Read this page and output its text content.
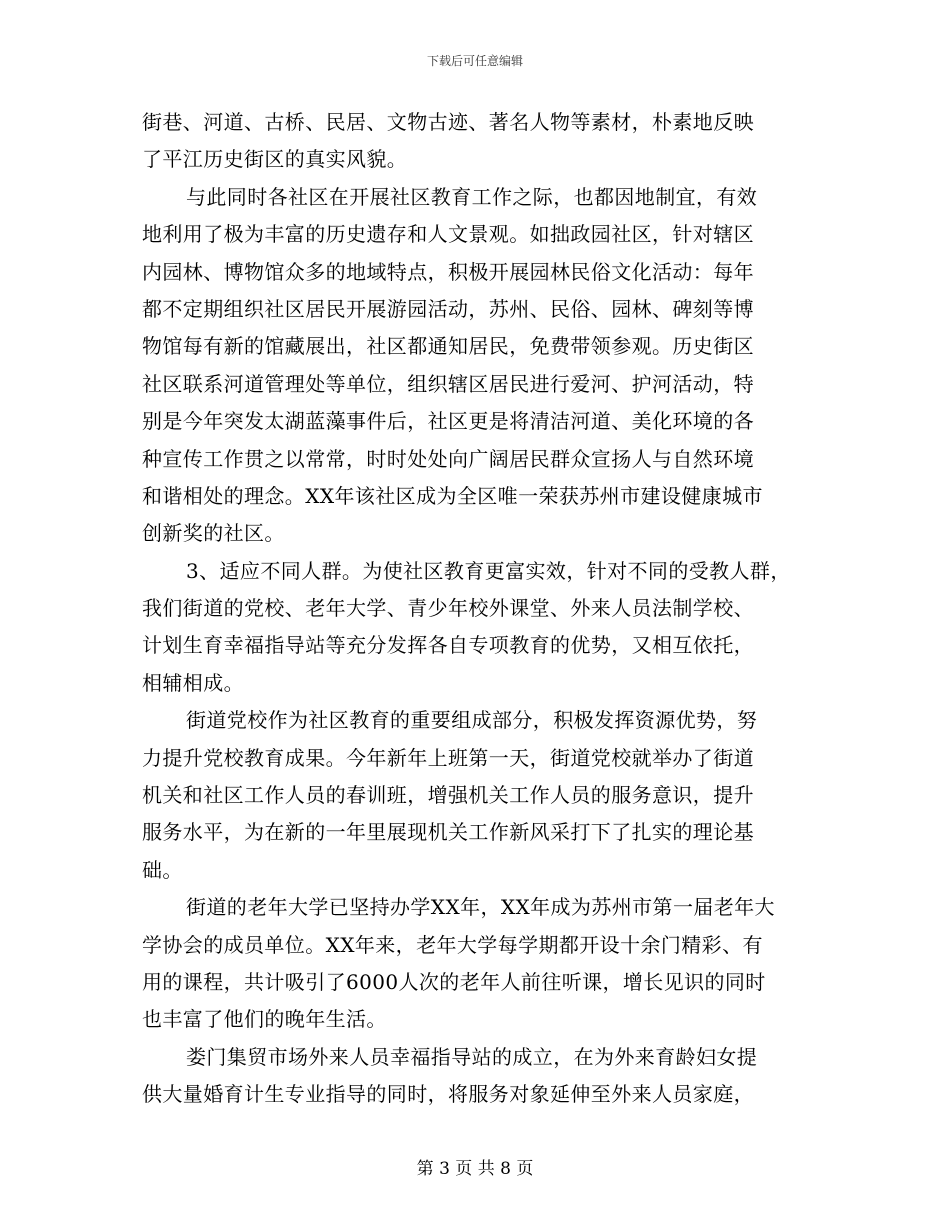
下载后可任意编辑
街巷、河道、古桥、民居、文物古迹、著名人物等素材，朴素地反映
了平江历史街区的真实风貌。
与此同时各社区在开展社区教育工作之际，也都因地制宜，有效
地利用了极为丰富的历史遗存和人文景观。如拙政园社区，针对辖区
内园林、博物馆众多的地域特点，积极开展园林民俗文化活动：每年
都不定期组织社区居民开展游园活动，苏州、民俗、园林、碑刻等博
物馆每有新的馆藏展出，社区都通知居民，免费带领参观。历史街区
社区联系河道管理处等单位，组织辖区居民进行爱河、护河活动，特
别是今年突发太湖蓝藻事件后，社区更是将清洁河道、美化环境的各
种宣传工作贯之以常常，时时处处向广阔居民群众宣扬人与自然环境
和谐相处的理念。XX年该社区成为全区唯一荣获苏州市建设健康城市
创新奖的社区。
3、适应不同人群。为使社区教育更富实效，针对不同的受教人群，
我们街道的党校、老年大学、青少年校外课堂、外来人员法制学校、
计划生育幸福指导站等充分发挥各自专项教育的优势，又相互依托，
相辅相成。
街道党校作为社区教育的重要组成部分，积极发挥资源优势，努
力提升党校教育成果。今年新年上班第一天，街道党校就举办了街道
机关和社区工作人员的春训班，增强机关工作人员的服务意识，提升
服务水平，为在新的一年里展现机关工作新风采打下了扎实的理论基
础。
街道的老年大学已坚持办学XX年，XX年成为苏州市第一届老年大
学协会的成员单位。XX年来，老年大学每学期都开设十余门精彩、有
用的课程，共计吸引了6000人次的老年人前往听课，增长见识的同时
也丰富了他们的晚年生活。
娄门集贸市场外来人员幸福指导站的成立，在为外来育龄妇女提
供大量婚育计生专业指导的同时，将服务对象延伸至外来人员家庭，
第 3 页 共 8 页
